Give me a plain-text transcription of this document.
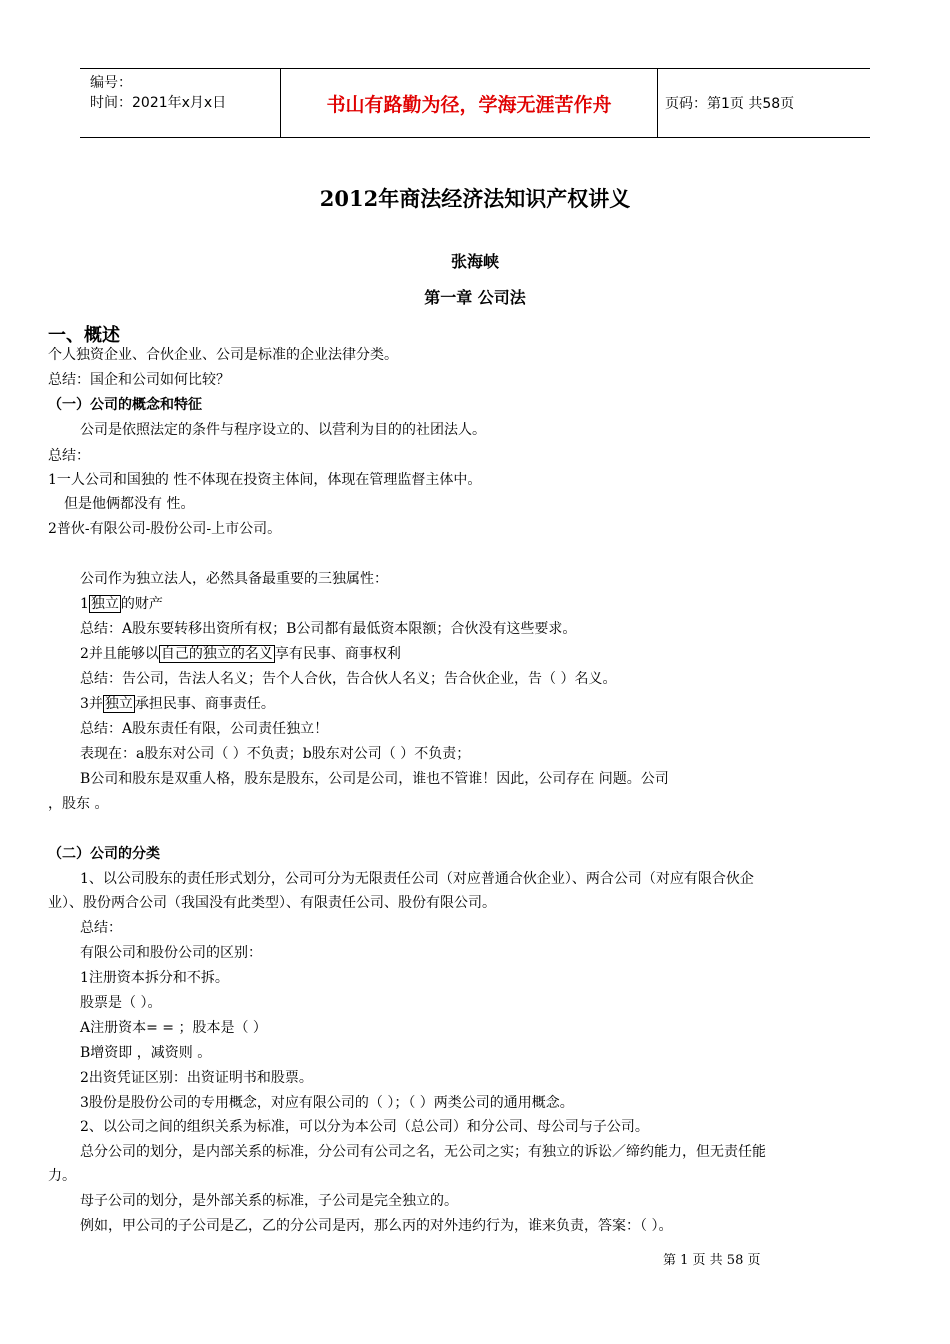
编号：
时间：2021年x月x日	书山有路勤为径，学海无涯苦作舟	页码：第1页 共58页
2012年商法经济法知识产权讲义
张海峡
第一章 公司法
一、概述
个人独资企业、合伙企业、公司是标准的企业法律分类。
总结：国企和公司如何比较？
（一）公司的概念和特征
公司是依照法定的条件与程序设立的、以营利为目的的社团法人。
总结：
1一人公司和国独的 性不体现在投资主体间，体现在管理监督主体中。
但是他俩都没有 性。
2普伙-有限公司-股份公司-上市公司。
公司作为独立法人，必然具备最重要的三独属性：
1 独立 的财产
总结：A股东要转移出资所有权；B公司都有最低资本限额；合伙没有这些要求。
2并且能够以 自己的独立的名义 享有民事、商事权利
总结：告公司，告法人名义；告个人合伙，告合伙人名义；告合伙企业，告（ ）名义。
3并 独立 承担民事、商事责任。
总结：A股东责任有限，公司责任独立！
表现在：a股东对公司（ ）不负责；b股东对公司（ ）不负责；
B公司和股东是双重人格，股东是股东，公司是公司，谁也不管谁！因此，公司存在 问题。公司
，股东 。
（二）公司的分类
1、以公司股东的责任形式划分，公司可分为无限责任公司（对应普通合伙企业）、两合公司（对应有限合伙企
业）、股份两合公司（我国没有此类型）、有限责任公司、股份有限公司。
总结：
有限公司和股份公司的区别：
1注册资本拆分和不拆。
股票是（ ）。
A注册资本= = ；股本是（ ）
B增资即 ，减资则 。
2出资凭证区别：出资证明书和股票。
3股份是股份公司的专用概念，对应有限公司的（ ）；（ ）两类公司的通用概念。
2、以公司之间的组织关系为标准，可以分为本公司（总公司）和分公司、母公司与子公司。
总分公司的划分，是内部关系的标准，分公司有公司之名，无公司之实；有独立的诉讼／缔约能力，但无责任能
力。
母子公司的划分，是外部关系的标准，子公司是完全独立的。
例如，甲公司的子公司是乙，乙的分公司是丙，那么丙的对外违约行为，谁来负责，答案：（ ）。
第 1 页 共 58 页
